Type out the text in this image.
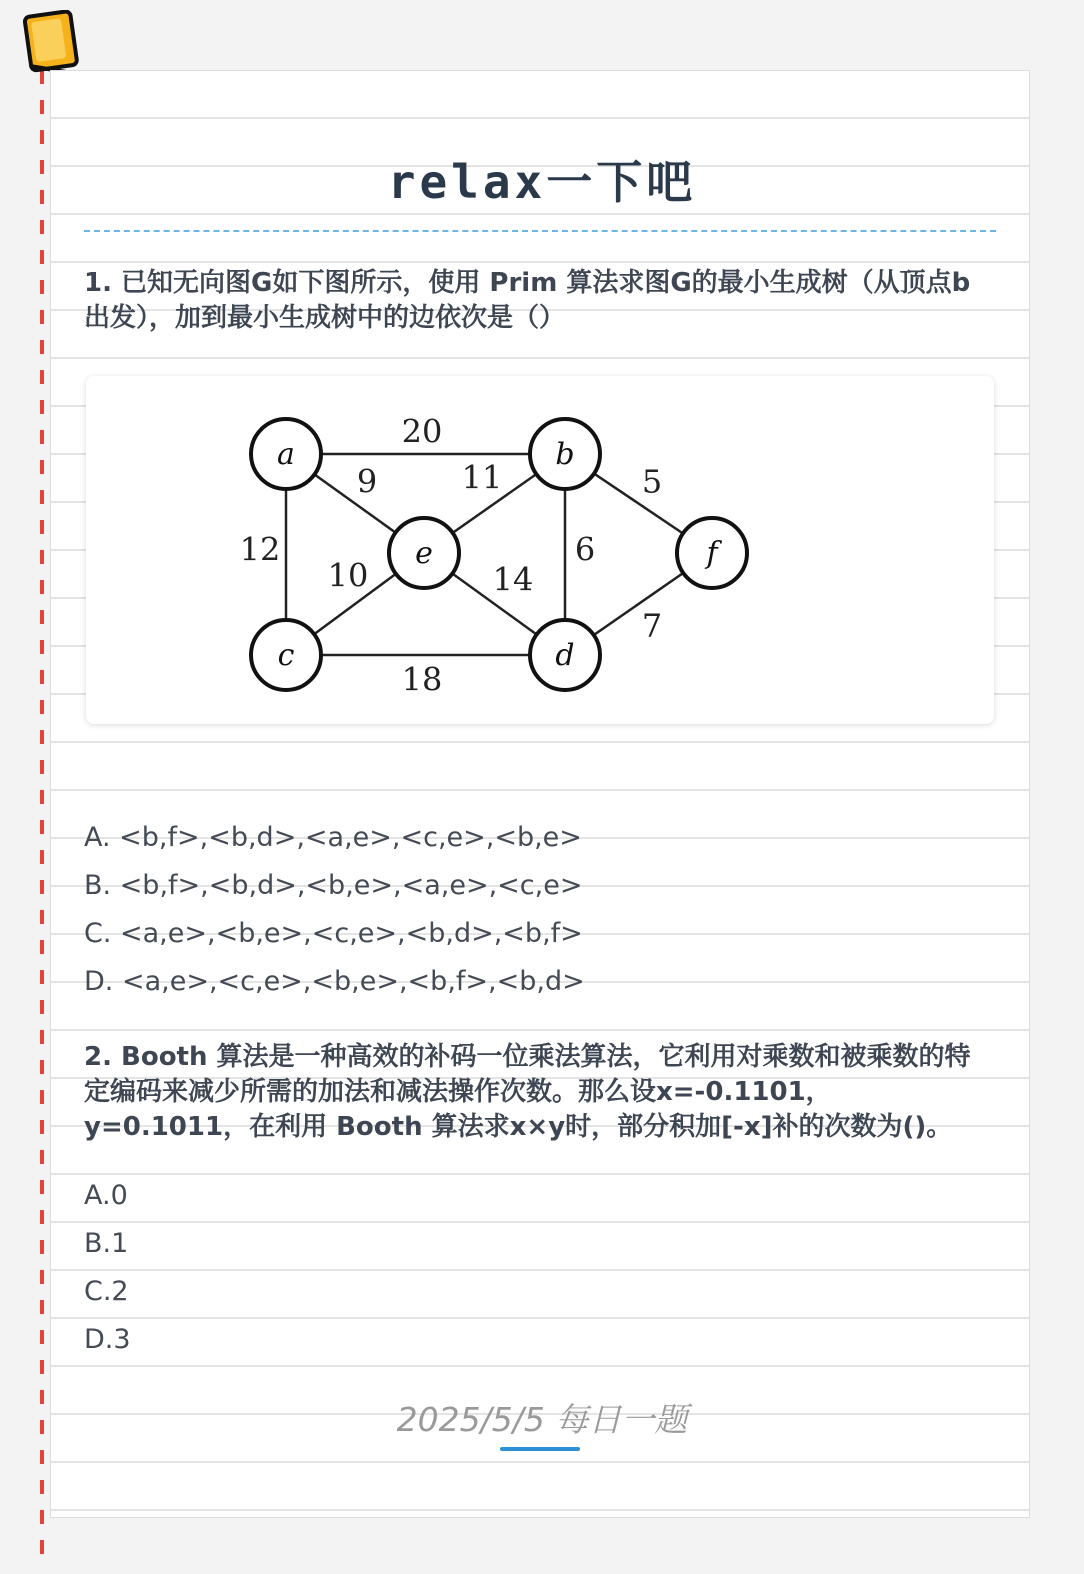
relax一下吧
1. 已知无向图G如下图所示，使用 Prim 算法求图G的最小生成树（从顶点b出发），加到最小生成树中的边依次是（）
20
9	11	5
12
10	14
6
18
7
a	b
c	d
e	f
A. <b,f>,<b,d>,<a,e>,<c,e>,<b,e>
B. <b,f>,<b,d>,<b,e>,<a,e>,<c,e>
C. <a,e>,<b,e>,<c,e>,<b,d>,<b,f>
D. <a,e>,<c,e>,<b,e>,<b,f>,<b,d>
2. Booth 算法是一种高效的补码一位乘法算法，它利用对乘数和被乘数的特定编码来减少所需的加法和减法操作次数。那么设x=-0.1101，y=0.1011，在利用 Booth 算法求x×y时，部分积加[-x]补的次数为()。
A.0
B.1
C.2
D.3
2025/5/5 每日一题
